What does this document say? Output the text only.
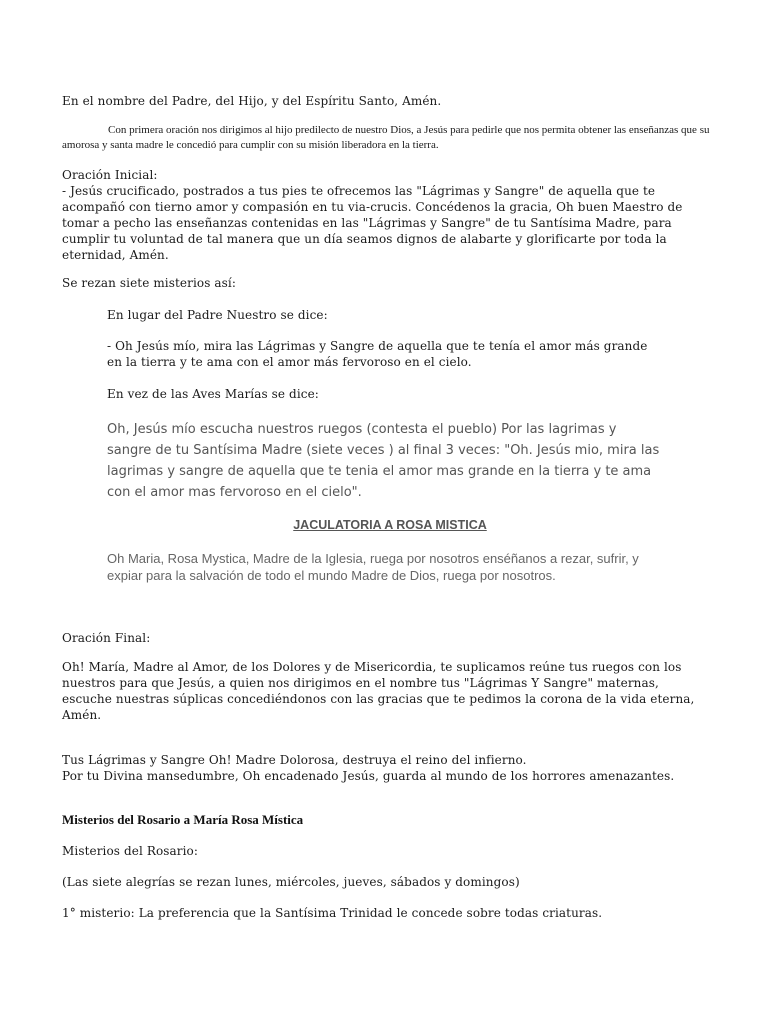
En el nombre del Padre, del Hijo, y del Espíritu Santo, Amén.

Con primera oración nos dirigimos al hijo predilecto de nuestro Dios, a Jesús para pedirle que nos permita obtener las enseñanzas que su amorosa y santa madre le concedió para cumplir con su misión liberadora en la tierra.

Oración Inicial:

- Jesús crucificado, postrados a tus pies te ofrecemos las "Lágrimas y Sangre" de aquella que te acompañó con tierno amor y compasión en tu via-crucis. Concédenos la gracia, Oh buen Maestro de tomar a pecho las enseñanzas contenidas en las "Lágrimas y Sangre" de tu Santísima Madre, para cumplir tu voluntad de tal manera que un día seamos dignos de alabarte y glorificarte por toda la eternidad, Amén.

Se rezan siete misterios así:

En lugar del Padre Nuestro se dice:

- Oh Jesús mío, mira las Lágrimas y Sangre de aquella que te tenía el amor más grande en la tierra y te ama con el amor más fervoroso en el cielo.

En vez de las Aves Marías se dice:

Oh, Jesús mío escucha nuestros ruegos (contesta el pueblo) Por las lagrimas y sangre de tu Santísima Madre (siete veces ) al final 3 veces: "Oh. Jesús mio, mira las lagrimas y sangre de aquella que te tenia el amor mas grande en la tierra y te ama con el amor mas fervoroso en el cielo".

JACULATORIA A ROSA MISTICA

Oh Maria, Rosa Mystica, Madre de la Iglesia, ruega por nosotros enséñanos a rezar, sufrir, y expiar para la salvación de todo el mundo Madre de Dios, ruega por nosotros.

Oración Final:

Oh! María, Madre al Amor, de los Dolores y de Misericordia, te suplicamos reúne tus ruegos con los nuestros para que Jesús, a quien nos dirigimos en el nombre tus "Lágrimas Y Sangre" maternas, escuche nuestras súplicas concediéndonos con las gracias que te pedimos la corona de la vida eterna, Amén.

Tus Lágrimas y Sangre Oh! Madre Dolorosa, destruya el reino del infierno.
Por tu Divina mansedumbre, Oh encadenado Jesús, guarda al mundo de los horrores amenazantes.

Misterios del Rosario a María Rosa Mística

Misterios del Rosario:

(Las siete alegrías se rezan lunes, miércoles, jueves, sábados y domingos)

1° misterio: La preferencia que la Santísima Trinidad le concede sobre todas criaturas.
